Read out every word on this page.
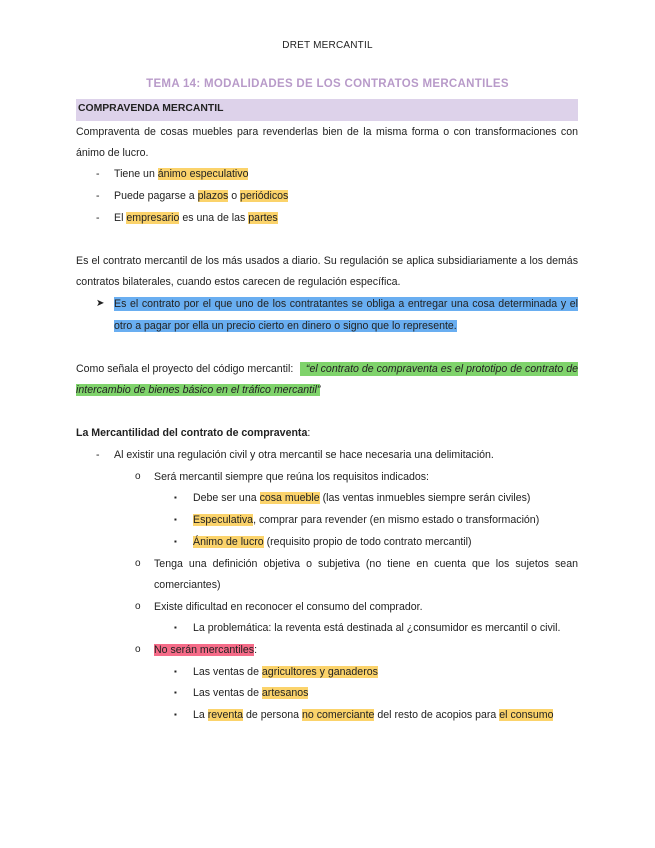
DRET MERCANTIL
TEMA 14: MODALIDADES DE LOS CONTRATOS MERCANTILES
COMPRAVENDA MERCANTIL
Compraventa de cosas muebles para revenderlas bien de la misma forma o con transformaciones con
ánimo de lucro.
- Tiene un ánimo especulativo
- Puede pagarse a plazos o periódicos
- El empresario es una de las partes
Es el contrato mercantil de los más usados a diario. Su regulación se aplica subsidiariamente a los demás
contratos bilaterales, cuando estos carecen de regulación específica.
➤ Es el contrato por el que uno de los contratantes se obliga a entregar una cosa determinada y el
otro a pagar por ella un precio cierto en dinero o signo que lo represente.
Como señala el proyecto del código mercantil:	“el contrato de compraventa es el prototipo de contrato de
intercambio de bienes básico en el tráfico mercantil”
La Mercantilidad del contrato de compraventa:
- Al existir una regulación civil y otra mercantil se hace necesaria una delimitación.
o Será mercantil siempre que reúna los requisitos indicados:
▪ Debe ser una cosa mueble (las ventas inmuebles siempre serán civiles)
▪ Especulativa, comprar para revender (en mismo estado o transformación)
▪ Ánimo de lucro (requisito propio de todo contrato mercantil)
o Tenga una definición objetiva o subjetiva (no tiene en cuenta que los sujetos sean
comerciantes)
o Existe dificultad en reconocer el consumo del comprador.
▪ La problemática: la reventa está destinada al ¿consumidor es mercantil o civil.
o No serán mercantiles:
▪ Las ventas de agricultores y ganaderos
▪ Las ventas de artesanos
▪ La reventa de persona no comerciante del resto de acopios para el consumo
